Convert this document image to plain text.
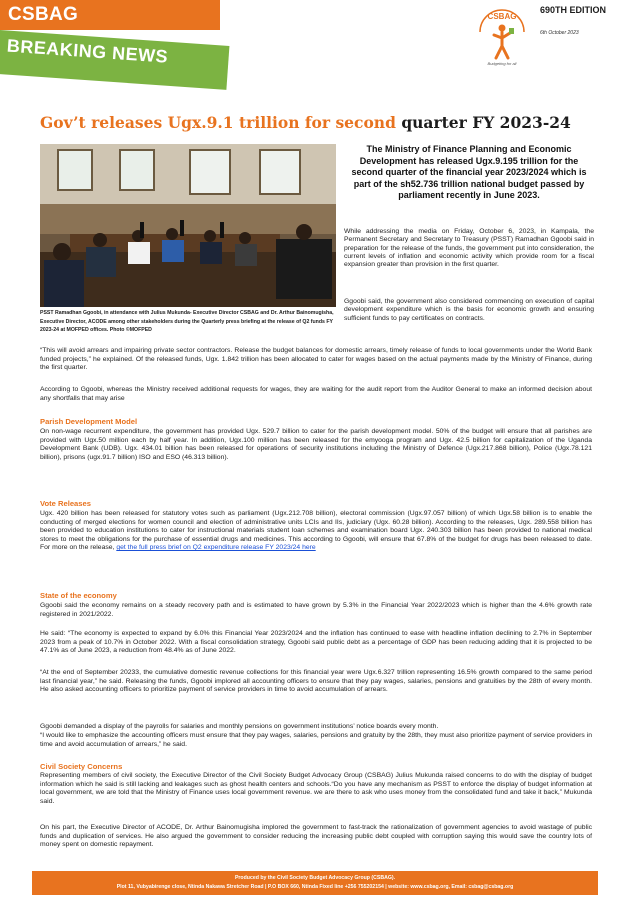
CSBAG
BREAKING NEWS
CSBAG
Budgeting for all
690TH EDITION
6th October 2023
Gov’t releases Ugx.9.1 trillion for second quarter FY 2023-24
PSST Ramadhan Ggoobi, in attendance with Julius Mukunda- Executive Director CSBAG and Dr. Arthur Bainomugisha, Executive Director, ACODE among other stakeholders during the Quarterly press briefing at the release of Q2 funds FY 2023-24 at MOFPED offices. Photo ©MOFPED
The Ministry of Finance Planning and Economic Development has released Ugx.9.195 trillion for the second quarter of the financial year 2023/2024 which is part of the sh52.736 trillion national budget passed by parliament recently in June 2023.
While addressing the media on Friday, October 6, 2023, in Kampala, the Permanent Secretary and Secretary to Treasury (PSST) Ramadhan Ggoobi said in preparation for the release of the funds, the government put into consideration, the current levels of inflation and economic activity which provide room for a fiscal expansion greater than provision in the first quarter.
Ggoobi said, the government also considered commencing on execution of capital development expenditure which is the basis for economic growth and ensuring sufficient funds to pay certificates on contracts.
“This will avoid arrears and impairing private sector contractors. Release the budget balances for domestic arrears, timely release of funds to local governments under the World Bank funded projects,” he explained. Of the released funds, Ugx. 1.842 trillion has been allocated to cater for wages based on the actual payments made by the Ministry of Finance, during the first quarter.
According to Ggoobi, whereas the Ministry received additional requests for wages, they are waiting for the audit report from the Auditor General to make an informed decision about any shortfalls that may arise
Parish Development Model
On non-wage recurrent expenditure, the government has provided Ugx. 529.7 billion to cater for the parish development model. 50% of the budget will ensure that all parishes are provided with Ugx.50 million each by half year. In addition, Ugx.100 million has been released for the emyooga program and Ugx. 42.5 billion for capitalization of the Uganda Development Bank (UDB). Ugx. 434.01 billion has been released for operations of security institutions including the Ministry of Defence (Ugx.217.868 billion), Police (Ugx.78.121 billion), prisons (ugx.91.7 billion) ISO and ESO (46.313 billion).
Vote Releases
Ugx. 420 billion has been released for statutory votes such as parliament (Ugx.212.708 billion), electoral commission (Ugx.97.057 billion) of which Ugx.58 billion is to enable the conducting of merged elections for women council and election of administrative units LCIs and IIs, judiciary (Ugx. 60.28 billion). According to the releases, Ugx. 289.558 billion has been provided to education institutions to cater for instructional materials student loan schemes and examination board Ugx. 240.303 billion has been provided to national medical stores to meet the obligations for the purchase of essential drugs and medicines. This according to Ggoobi, will ensure that 67.8% of the budget for drugs has been released to date. For more on the release, get the full press brief on Q2 expenditure release FY 2023/24 here
State of the economy
Ggoobi said the economy remains on a steady recovery path and is estimated to have grown by 5.3% in the Financial Year 2022/2023 which is higher than the 4.6% growth rate registered in 2021/2022.
He said: “The economy is expected to expand by 6.0% this Financial Year 2023/2024 and the inflation has continued to ease with headline inflation declining to 2.7% in September 2023 from a peak of 10.7% in October 2022. With a fiscal consolidation strategy, Ggoobi said public debt as a percentage of GDP has been reducing adding that it is projected to be 47.1% as of June 2023, a reduction from 48.4% as of June 2022.
“At the end of September 20233, the cumulative domestic revenue collections for this financial year were Ugx.6.327 trillion representing 16.5% growth compared to the same period last financial year,” he said. Releasing the funds, Ggoobi implored all accounting officers to ensure that they pay wages, salaries, pensions and gratuities by the 28th of every month. He also asked accounting officers to prioritize payment of service providers in time to avoid accumulation of arrears.
Ggoobi demanded a display of the payrolls for salaries and monthly pensions on government institutions’ notice boards every month.
“I would like to emphasize the accounting officers must ensure that they pay wages, salaries, pensions and gratuity by the 28th, they must also prioritize payment of service providers in time and avoid accumulation of arrears,” he said.
Civil Society Concerns
Representing members of civil society, the Executive Director of the Civil Society Budget Advocacy Group (CSBAG) Julius Mukunda raised concerns to do with the display of budget information which he said is still lacking and leakages such as ghost health centers and schools.“Do you have any mechanism as PSST to enforce the display of budget information at local government, we are told that the Ministry of Finance uses local government revenue. we are there to ask who uses money from the consolidated fund and take it back,” Mukunda said.
On his part, the Executive Director of ACODE, Dr. Arthur Bainomugisha implored the government to fast-track the rationalization of government agencies to avoid wastage of public funds and duplication of services. He also argued the government to consider reducing the increasing public debt coupled with corruption saying this would save the country lots of money spent on domestic repayment.
Produced by the Civil Society Budget Advocacy Group (CSBAG).
Plot 11, Vubyabirenge close, Ntinda Nakawa Stretcher Road | P.O BOX 660, Ntinda Fixed line +256 755202154 | website: www.csbag.org, Email: csbag@csbag.org
